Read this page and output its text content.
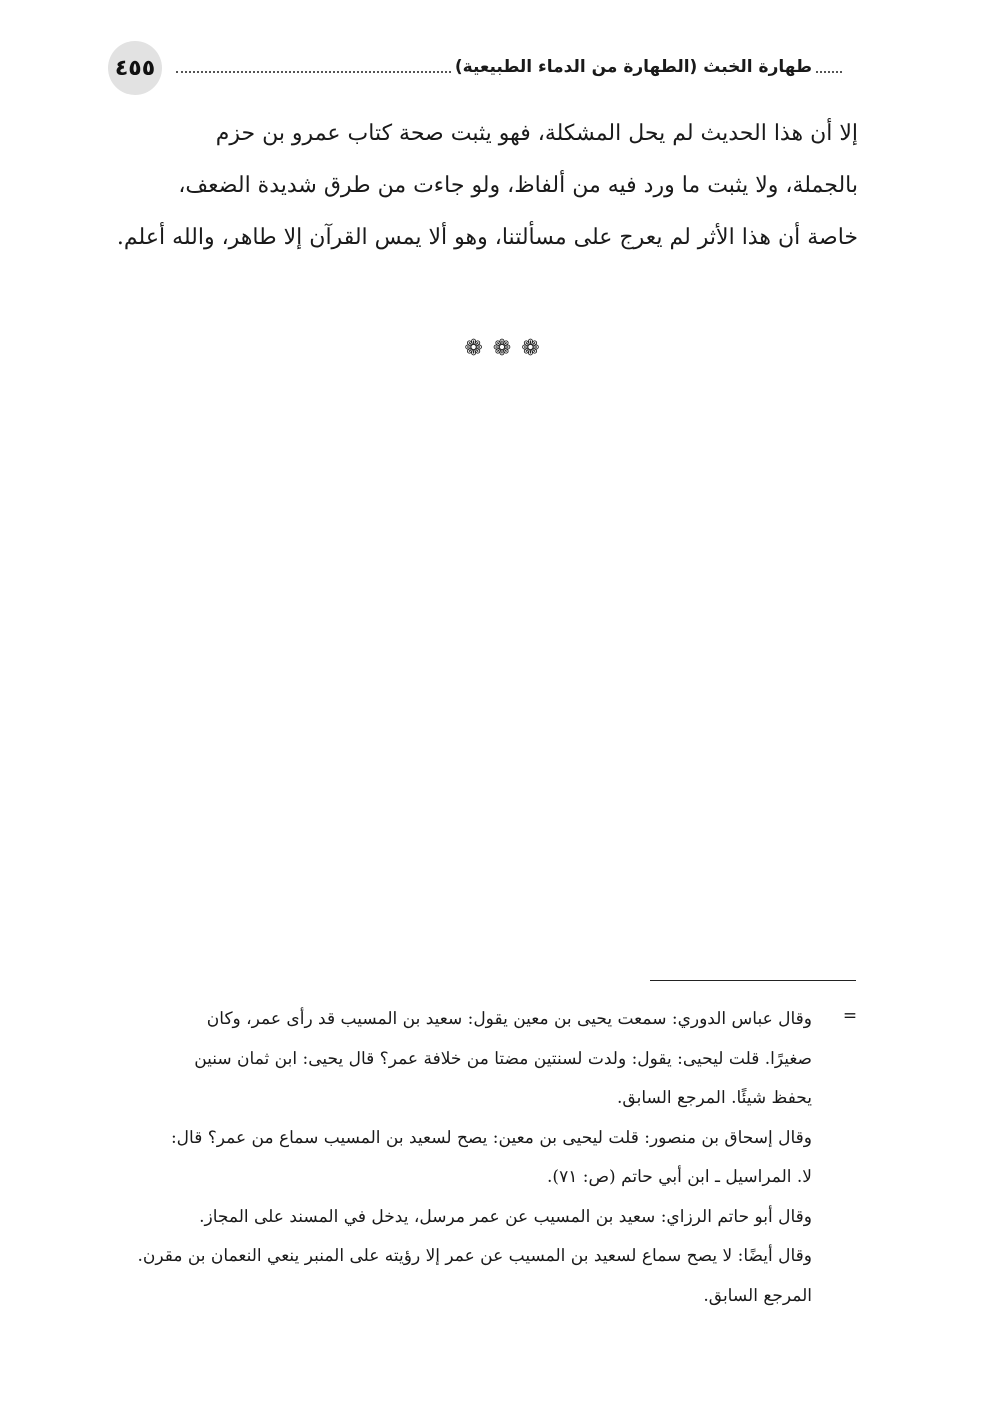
٤٥٥	طهارة الخبث (الطهارة من الدماء الطبيعية)
إلا أن هذا الحديث لم يحل المشكلة، فهو يثبت صحة كتاب عمرو بن حزم
بالجملة، ولا يثبت ما ورد فيه من ألفاظ، ولو جاءت من طرق شديدة الضعف،
خاصة أن هذا الأثر لم يعرج على مسألتنا، وهو ألا يمس القرآن إلا طاهر، والله أعلم.
❁ ❁ ❁
=
وقال عباس الدوري: سمعت يحيى بن معين يقول: سعيد بن المسيب قد رأى عمر، وكان
صغيرًا. قلت ليحيى: يقول: ولدت لسنتين مضتا من خلافة عمر؟ قال يحيى: ابن ثمان سنين
يحفظ شيئًا. المرجع السابق.
وقال إسحاق بن منصور: قلت ليحيى بن معين: يصح لسعيد بن المسيب سماع من عمر؟ قال:
لا. المراسيل ـ ابن أبي حاتم (ص: ٧١).
وقال أبو حاتم الرزاي: سعيد بن المسيب عن عمر مرسل، يدخل في المسند على المجاز.
وقال أيضًا: لا يصح سماع لسعيد بن المسيب عن عمر إلا رؤيته على المنبر ينعي النعمان بن مقرن.
المرجع السابق.
